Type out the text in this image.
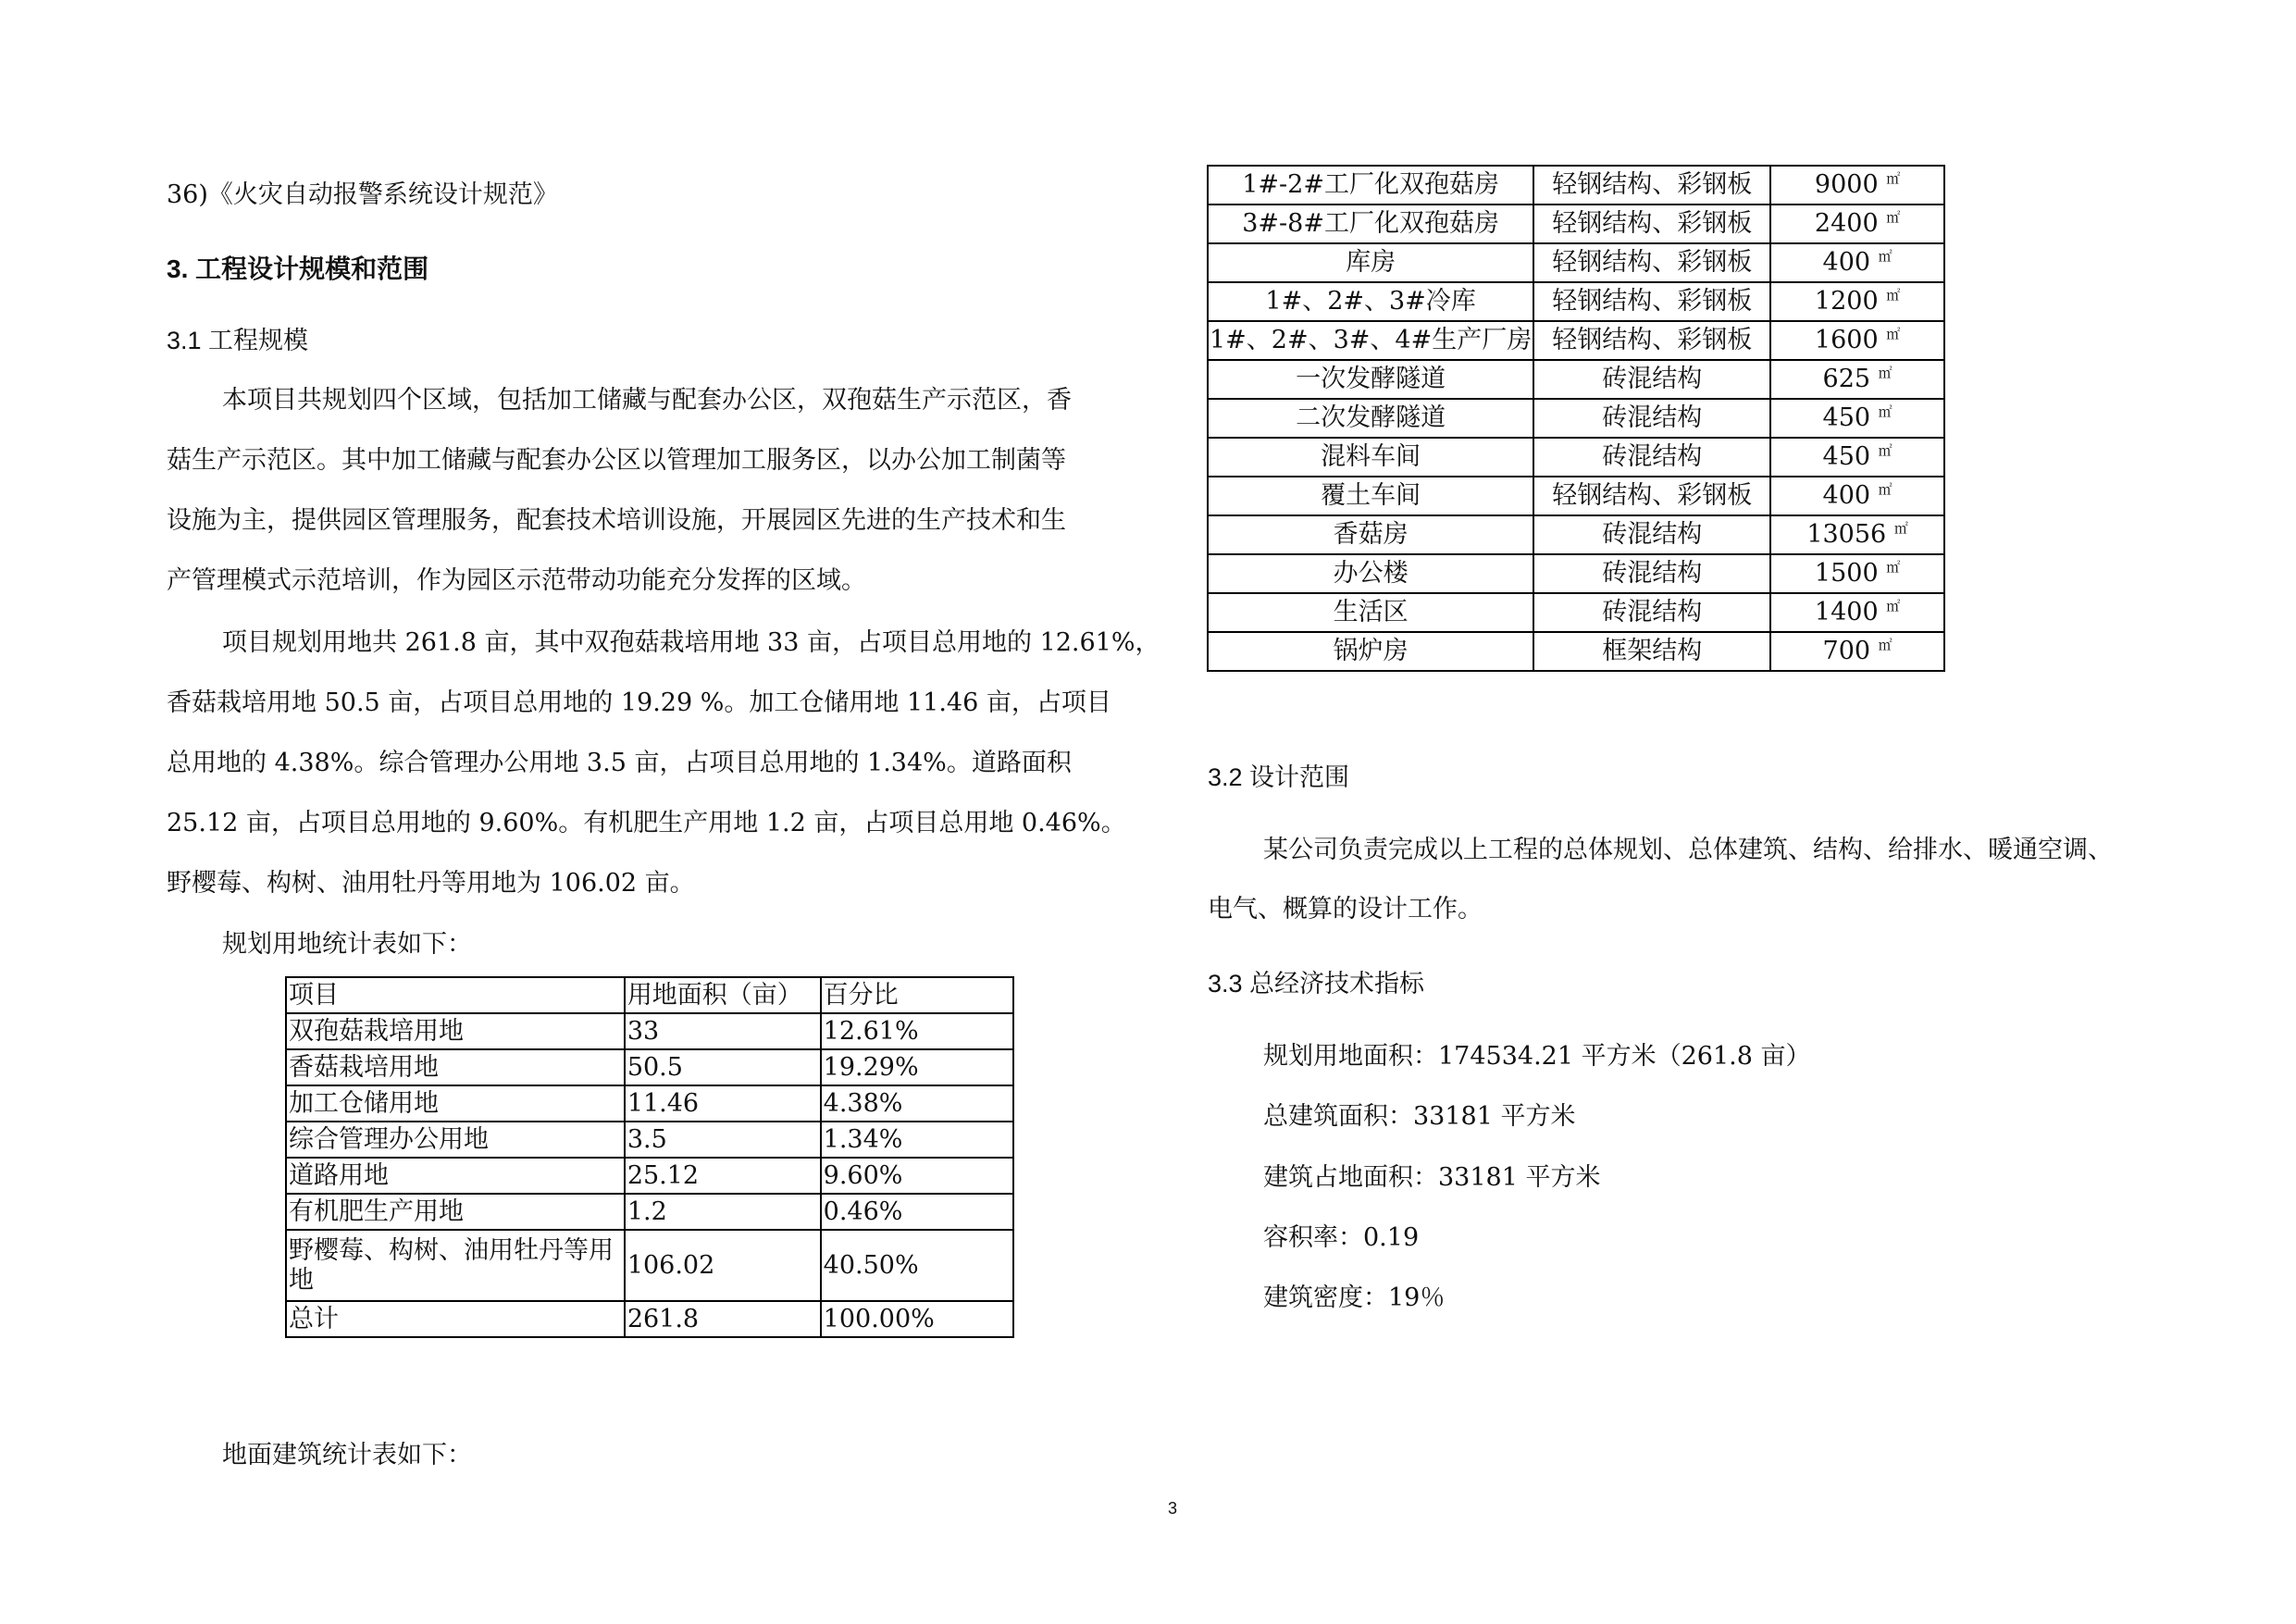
36)《火灾自动报警系统设计规范》
3. 工程设计规模和范围
3.1 工程规模
本项目共规划四个区域，包括加工储藏与配套办公区，双孢菇生产示范区，香
菇生产示范区。其中加工储藏与配套办公区以管理加工服务区，以办公加工制菌等
设施为主，提供园区管理服务，配套技术培训设施，开展园区先进的生产技术和生
产管理模式示范培训，作为园区示范带动功能充分发挥的区域。
项目规划用地共 261.8 亩，其中双孢菇栽培用地 33 亩，占项目总用地的 12.61%，
香菇栽培用地 50.5 亩，占项目总用地的 19.29 %。加工仓储用地 11.46 亩，占项目
总用地的 4.38%。综合管理办公用地 3.5 亩，占项目总用地的 1.34%。道路面积
25.12 亩，占项目总用地的 9.60%。有机肥生产用地 1.2 亩，占项目总用地 0.46%。
野樱莓、构树、油用牡丹等用地为 106.02 亩。
规划用地统计表如下：
项目	用地面积（亩）	百分比
双孢菇栽培用地	33	12.61%
香菇栽培用地	50.5	19.29%
加工仓储用地	11.46	4.38%
综合管理办公用地	3.5	1.34%
道路用地	25.12	9.60%
有机肥生产用地	1.2	0.46%
野樱莓、构树、油用牡丹等用地	106.02	40.50%
总计	261.8	100.00%
地面建筑统计表如下：
1#-2#工厂化双孢菇房	轻钢结构、彩钢板	9000 ㎡
3#-8#工厂化双孢菇房	轻钢结构、彩钢板	2400 ㎡
库房	轻钢结构、彩钢板	400 ㎡
1#、2#、3#冷库	轻钢结构、彩钢板	1200 ㎡
1#、2#、3#、4#生产厂房	轻钢结构、彩钢板	1600 ㎡
一次发酵隧道	砖混结构	625 ㎡
二次发酵隧道	砖混结构	450 ㎡
混料车间	砖混结构	450 ㎡
覆土车间	轻钢结构、彩钢板	400 ㎡
香菇房	砖混结构	13056 ㎡
办公楼	砖混结构	1500 ㎡
生活区	砖混结构	1400 ㎡
锅炉房	框架结构	700 ㎡
3.2 设计范围
某公司负责完成以上工程的总体规划、总体建筑、结构、给排水、暖通空调、
电气、概算的设计工作。
3.3 总经济技术指标
规划用地面积：174534.21 平方米（261.8 亩）
总建筑面积：33181 平方米
建筑占地面积：33181 平方米
容积率：0.19
建筑密度：19％
3
